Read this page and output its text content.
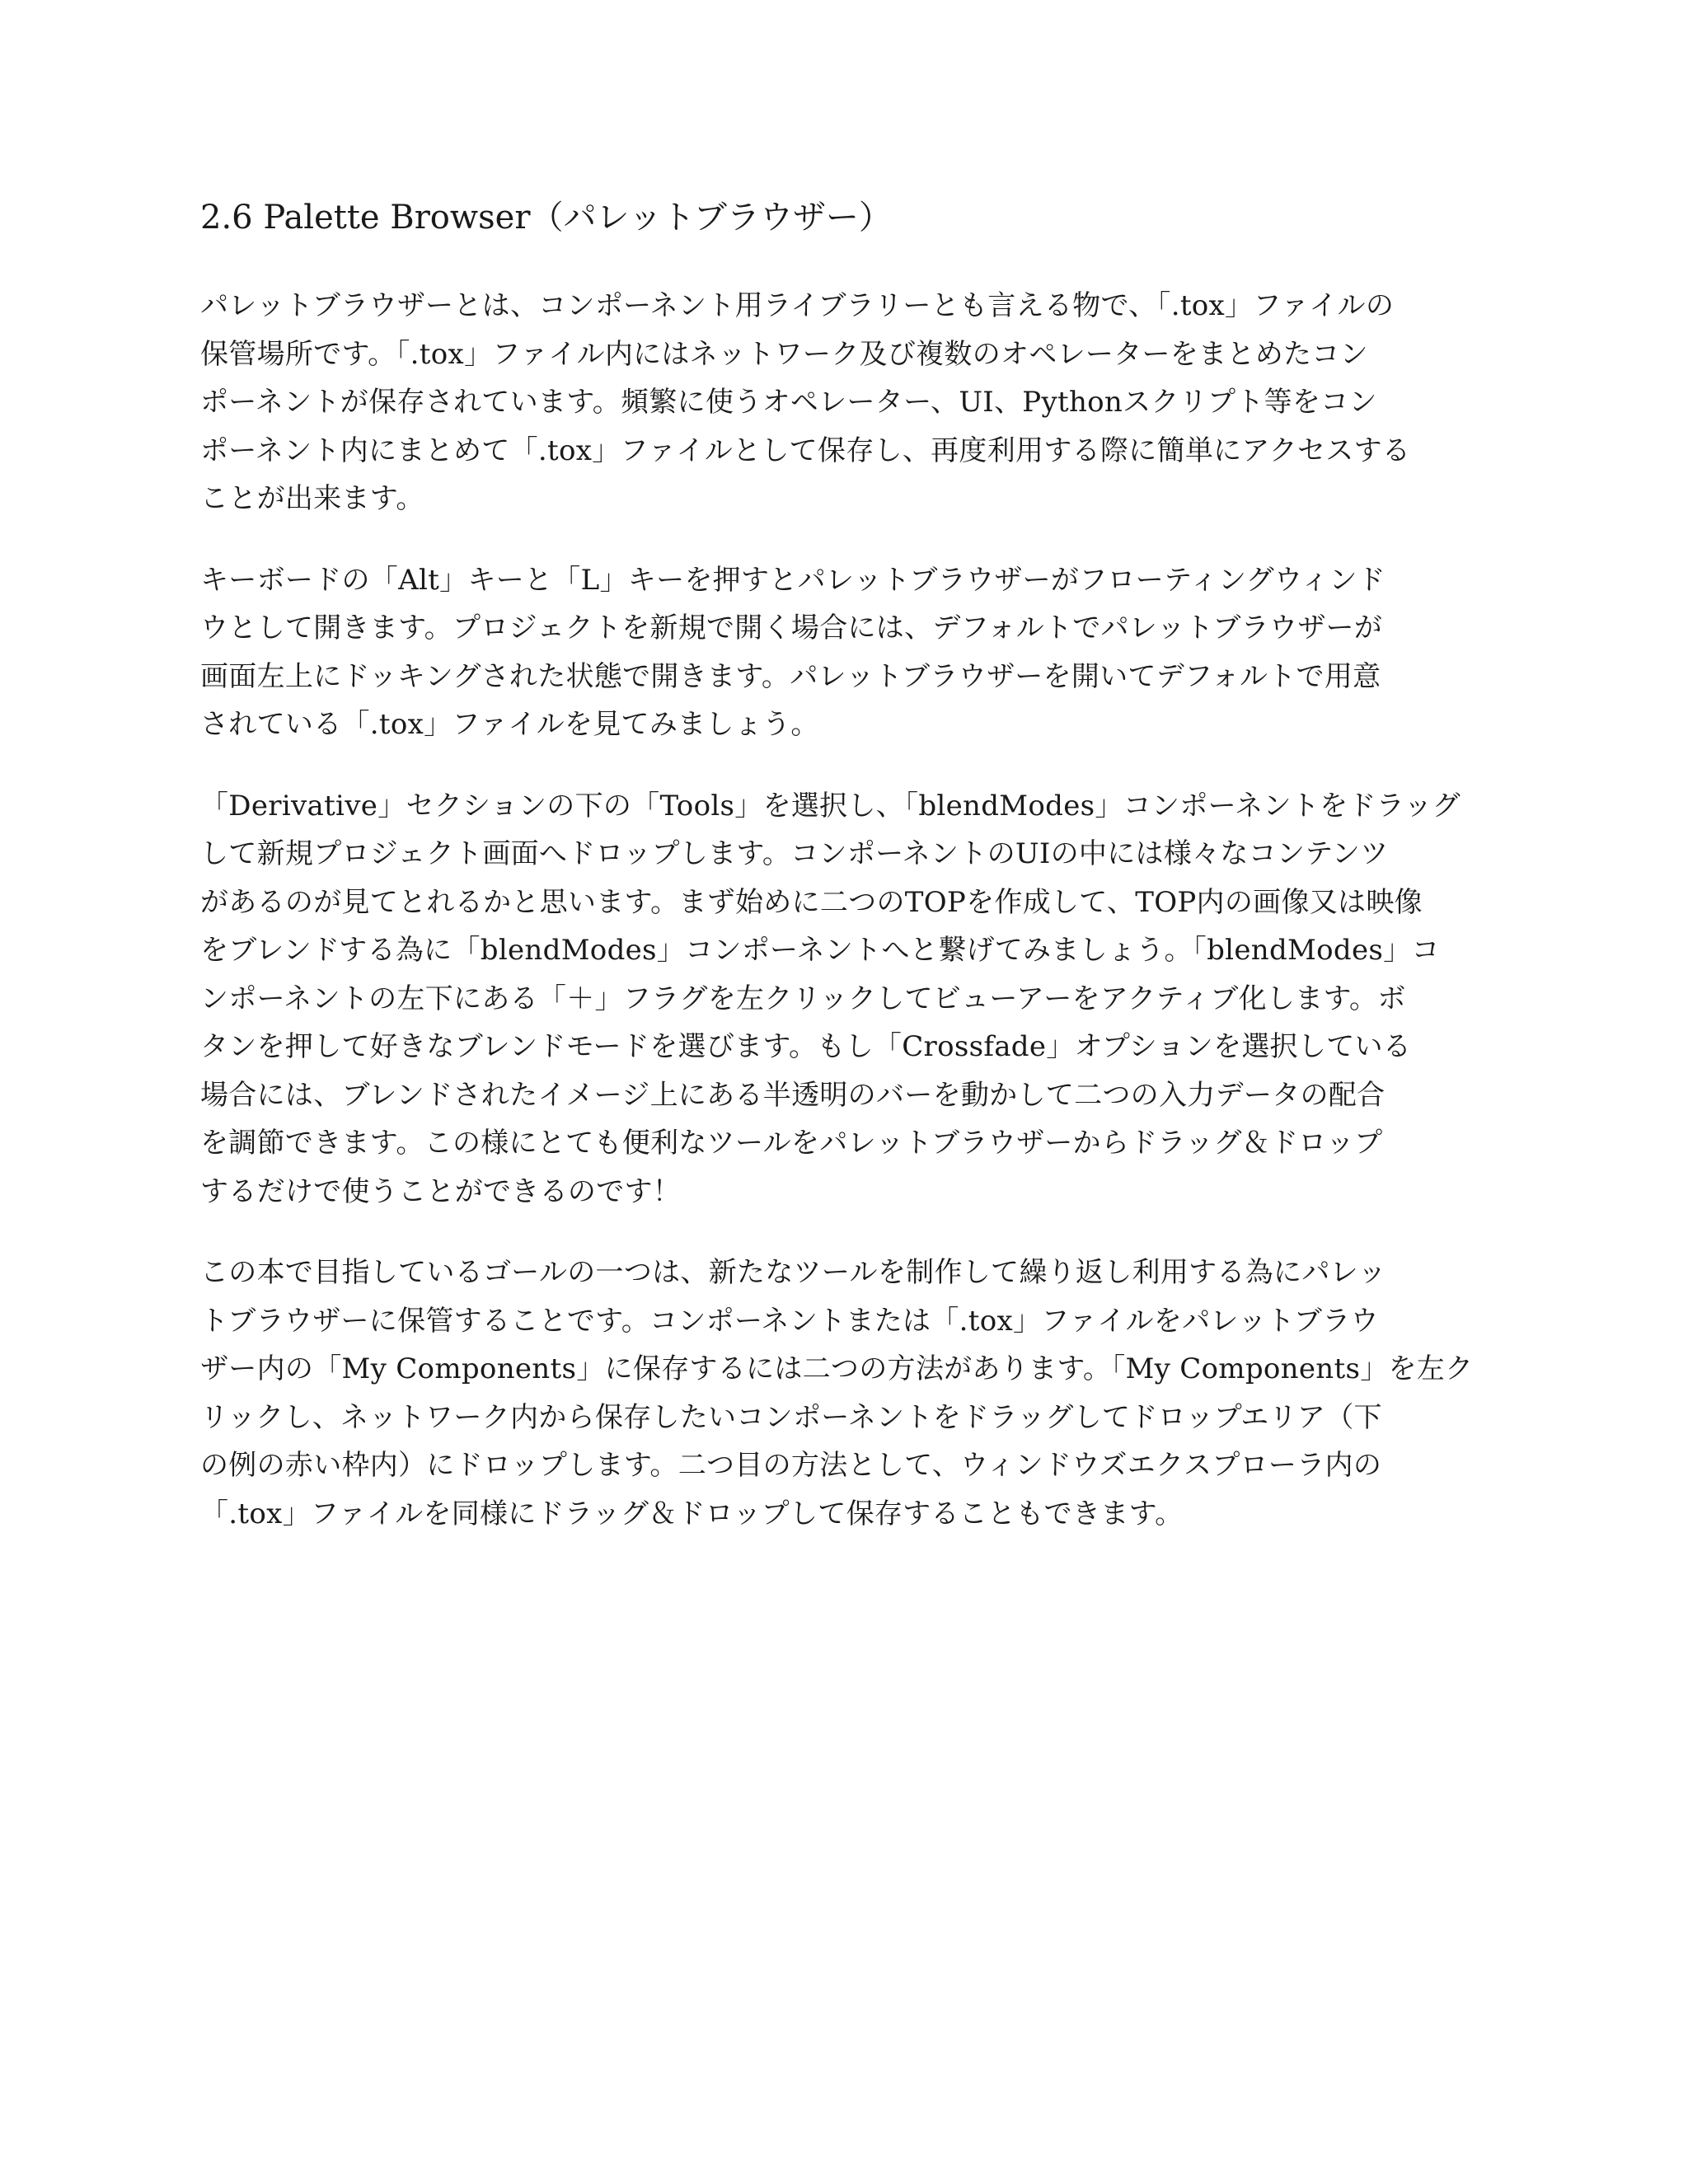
2.6 Palette Browser（パレットブラウザー）
パレットブラウザーとは、コンポーネント用ライブラリーとも言える物で、「.tox」ファイルの
保管場所です。「.tox」ファイル内にはネットワーク及び複数のオペレーターをまとめたコン
ポーネントが保存されています。頻繁に使うオペレーター、UI、Pythonスクリプト等をコン
ポーネント内にまとめて「.tox」ファイルとして保存し、再度利用する際に簡単にアクセスする
ことが出来ます。
キーボードの「Alt」キーと「L」キーを押すとパレットブラウザーがフローティングウィンド
ウとして開きます。プロジェクトを新規で開く場合には、デフォルトでパレットブラウザーが
画面左上にドッキングされた状態で開きます。パレットブラウザーを開いてデフォルトで用意
されている「.tox」ファイルを見てみましょう。
「Derivative」セクションの下の「Tools」を選択し、「blendModes」コンポーネントをドラッグ
して新規プロジェクト画面へドロップします。コンポーネントのUIの中には様々なコンテンツ
があるのが見てとれるかと思います。まず始めに二つのTOPを作成して、TOP内の画像又は映像
をブレンドする為に「blendModes」コンポーネントへと繋げてみましょう。「blendModes」コ
ンポーネントの左下にある「＋」フラグを左クリックしてビューアーをアクティブ化します。ボ
タンを押して好きなブレンドモードを選びます。もし「Crossfade」オプションを選択している
場合には、ブレンドされたイメージ上にある半透明のバーを動かして二つの入力データの配合
を調節できます。この様にとても便利なツールをパレットブラウザーからドラッグ＆ドロップ
するだけで使うことができるのです！
この本で目指しているゴールの一つは、新たなツールを制作して繰り返し利用する為にパレッ
トブラウザーに保管することです。コンポーネントまたは「.tox」ファイルをパレットブラウ
ザー内の「My Components」に保存するには二つの方法があります。「My Components」を左ク
リックし、ネットワーク内から保存したいコンポーネントをドラッグしてドロップエリア（下
の例の赤い枠内）にドロップします。二つ目の方法として、ウィンドウズエクスプローラ内の
「.tox」ファイルを同様にドラッグ＆ドロップして保存することもできます。
